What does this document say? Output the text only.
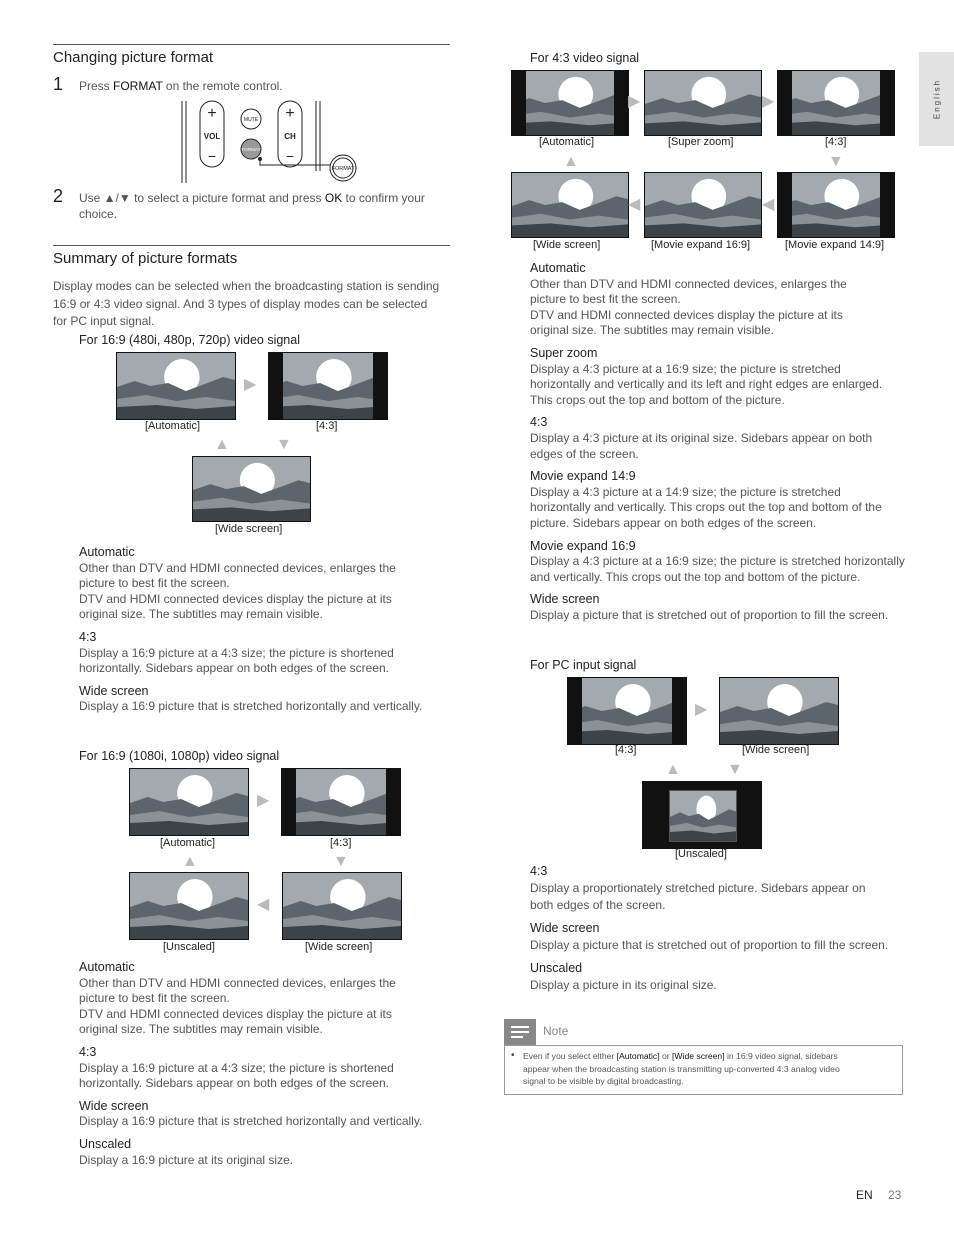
English
Changing picture format
1 Press FORMAT on the remote control.
+
VOL
−
+
CH
−
MUTE
FORMAT
FORMAT
2 Use ▲/▼ to select a picture format and press OK to confirm your
choice.
Summary of picture formats
Display modes can be selected when the broadcasting station is sending
16:9 or 4:3 video signal. And 3 types of display modes can be selected
for PC input signal.
For 16:9 (480i, 480p, 720p) video signal
▶
[Automatic]	[4:3]
▲	▼
[Wide screen]
Automatic
Other than DTV and HDMI connected devices, enlarges the
picture to best fit the screen.
DTV and HDMI connected devices display the picture at its
original size. The subtitles may remain visible.
4:3
Display a 16:9 picture at a 4:3 size; the picture is shortened
horizontally. Sidebars appear on both edges of the screen.
Wide screen
Display a 16:9 picture that is stretched horizontally and vertically.
For 16:9 (1080i, 1080p) video signal
▶
[Automatic]	[4:3]
▲	▼
◀
[Unscaled]	[Wide screen]
Automatic
Other than DTV and HDMI connected devices, enlarges the
picture to best fit the screen.
DTV and HDMI connected devices display the picture at its
original size. The subtitles may remain visible.
4:3
Display a 16:9 picture at a 4:3 size; the picture is shortened
horizontally. Sidebars appear on both edges of the screen.
Wide screen
Display a 16:9 picture that is stretched horizontally and vertically.
Unscaled
Display a 16:9 picture at its original size.
For 4:3 video signal
▶	▶
[Automatic]	[Super zoom]	[4:3]
▲	▼
◀	◀
[Wide screen]	[Movie expand 16:9]	[Movie expand 14:9]
Automatic
Other than DTV and HDMI connected devices, enlarges the
picture to best fit the screen.
DTV and HDMI connected devices display the picture at its
original size. The subtitles may remain visible.
Super zoom
Display a 4:3 picture at a 16:9 size; the picture is stretched
horizontally and vertically and its left and right edges are enlarged.
This crops out the top and bottom of the picture.
4:3
Display a 4:3 picture at its original size. Sidebars appear on both
edges of the screen.
Movie expand 14:9
Display a 4:3 picture at a 14:9 size; the picture is stretched
horizontally and vertically. This crops out the top and bottom of the
picture. Sidebars appear on both edges of the screen.
Movie expand 16:9
Display a 4:3 picture at a 16:9 size; the picture is stretched horizontally
and vertically. This crops out the top and bottom of the picture.
Wide screen
Display a picture that is stretched out of proportion to fill the screen.
For PC input signal
▶
[4:3]	[Wide screen]
▲	▼
[Unscaled]
4:3
Display a proportionately stretched picture. Sidebars appear on
both edges of the screen.
Wide screen
Display a picture that is stretched out of proportion to fill the screen.
Unscaled
Display a picture in its original size.
Note
• Even if you select either [Automatic] or [Wide screen] in 16:9 video signal, sidebars
appear when the broadcasting station is transmitting up-converted 4:3 analog video
signal to be visible by digital broadcasting.
EN 23
